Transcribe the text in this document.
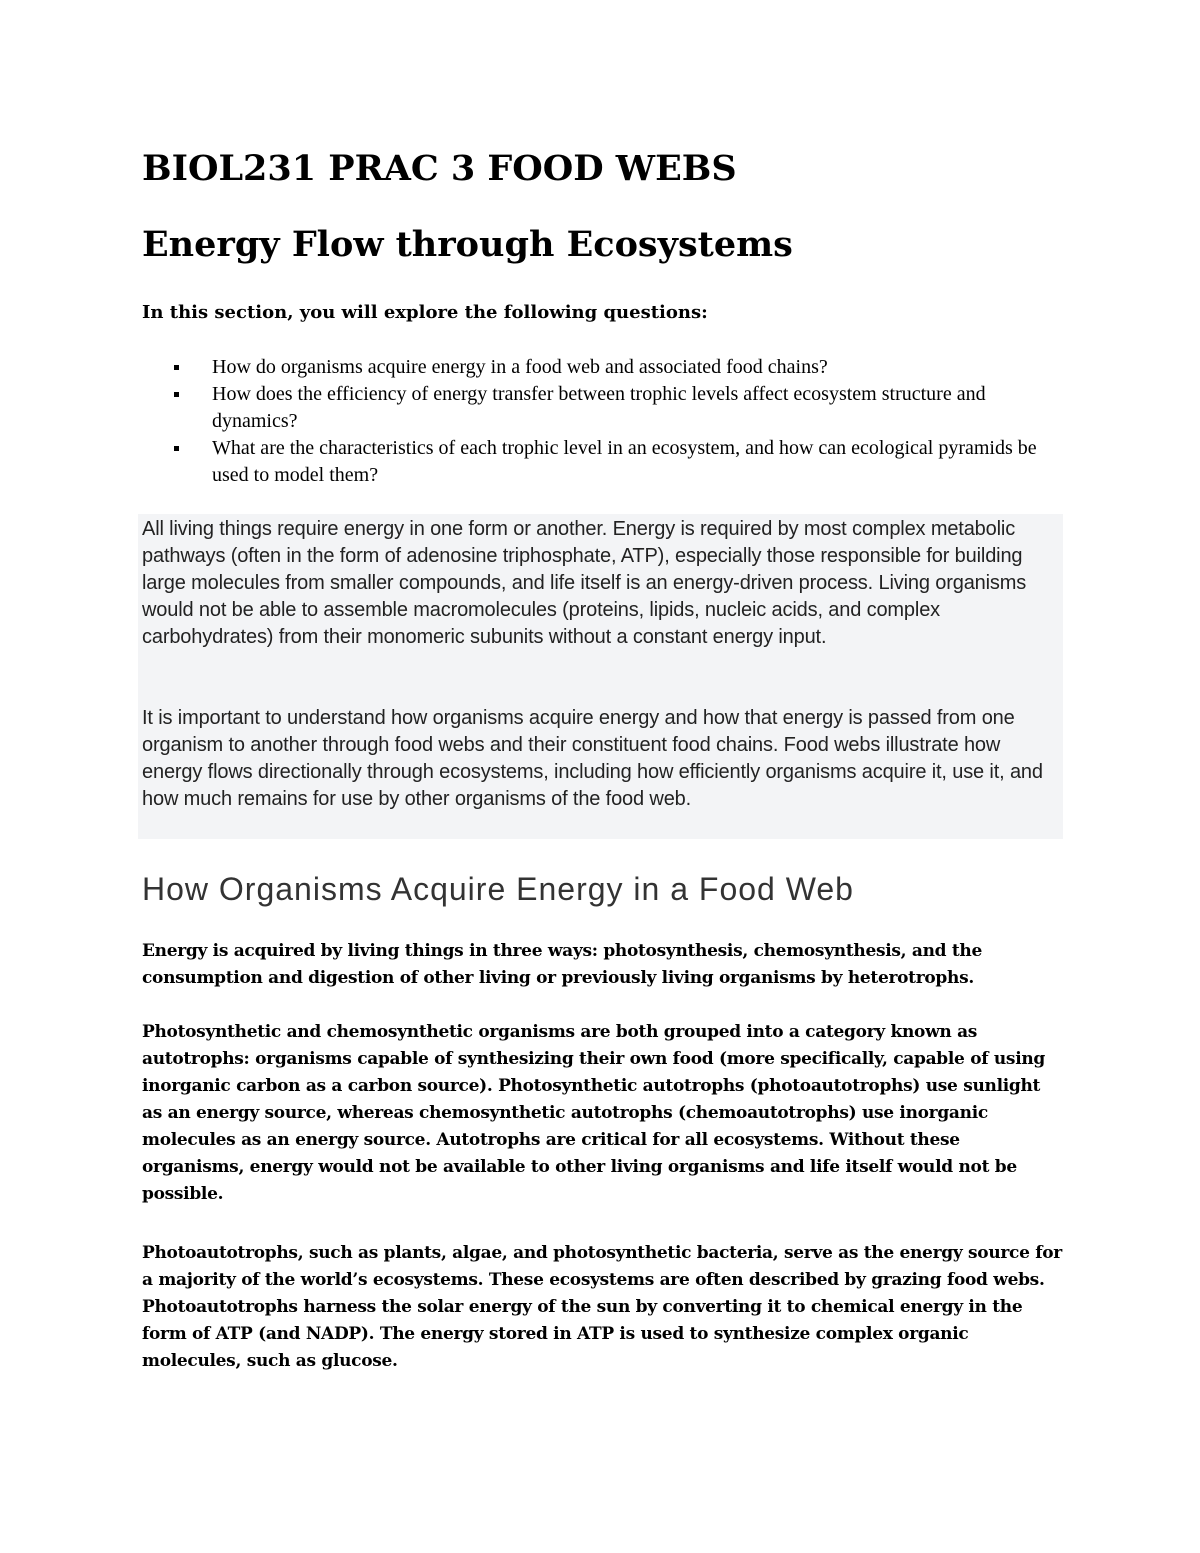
BIOL231 PRAC 3 FOOD WEBS
Energy Flow through Ecosystems

In this section, you will explore the following questions:

How do organisms acquire energy in a food web and associated food chains?
How does the efficiency of energy transfer between trophic levels affect ecosystem structure and dynamics?
What are the characteristics of each trophic level in an ecosystem, and how can ecological pyramids be used to model them?

All living things require energy in one form or another. Energy is required by most complex metabolic pathways (often in the form of adenosine triphosphate, ATP), especially those responsible for building large molecules from smaller compounds, and life itself is an energy-driven process. Living organisms would not be able to assemble macromolecules (proteins, lipids, nucleic acids, and complex carbohydrates) from their monomeric subunits without a constant energy input.

It is important to understand how organisms acquire energy and how that energy is passed from one organism to another through food webs and their constituent food chains. Food webs illustrate how energy flows directionally through ecosystems, including how efficiently organisms acquire it, use it, and how much remains for use by other organisms of the food web.

How Organisms Acquire Energy in a Food Web

Energy is acquired by living things in three ways: photosynthesis, chemosynthesis, and the consumption and digestion of other living or previously living organisms by heterotrophs.

Photosynthetic and chemosynthetic organisms are both grouped into a category known as autotrophs: organisms capable of synthesizing their own food (more specifically, capable of using inorganic carbon as a carbon source). Photosynthetic autotrophs (photoautotrophs) use sunlight as an energy source, whereas chemosynthetic autotrophs (chemoautotrophs) use inorganic molecules as an energy source. Autotrophs are critical for all ecosystems. Without these organisms, energy would not be available to other living organisms and life itself would not be possible.

Photoautotrophs, such as plants, algae, and photosynthetic bacteria, serve as the energy source for a majority of the world’s ecosystems. These ecosystems are often described by grazing food webs. Photoautotrophs harness the solar energy of the sun by converting it to chemical energy in the form of ATP (and NADP). The energy stored in ATP is used to synthesize complex organic molecules, such as glucose.
